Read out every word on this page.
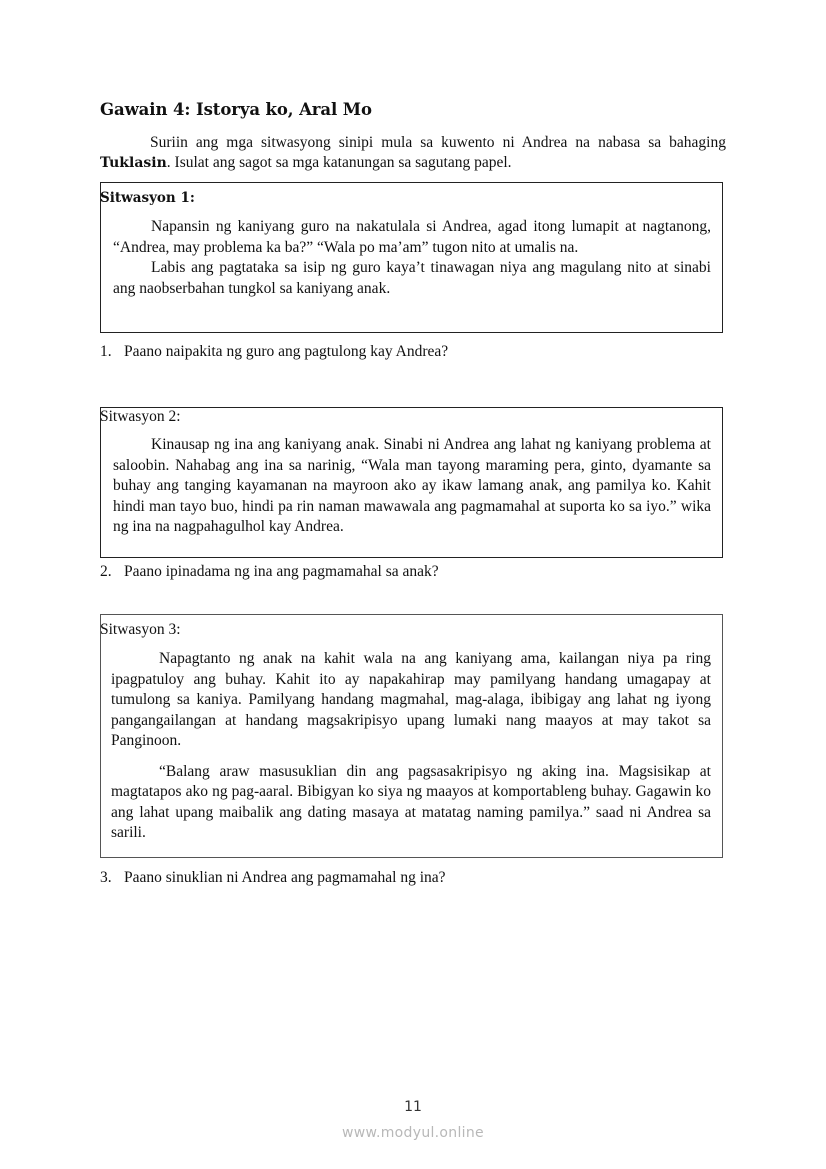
Gawain 4: Istorya ko, Aral Mo

Suriin ang mga sitwasyong sinipi mula sa kuwento ni Andrea na nabasa sa bahaging Tuklasin. Isulat ang sagot sa mga katanungan sa sagutang papel.

Sitwasyon 1:

Napansin ng kaniyang guro na nakatulala si Andrea, agad itong lumapit at nagtanong, “Andrea, may problema ka ba?” “Wala po ma’am” tugon nito at umalis na.

Labis ang pagtataka sa isip ng guro kaya’t tinawagan niya ang magulang nito at sinabi ang naobserbahan tungkol sa kaniyang anak.

1. Paano naipakita ng guro ang pagtulong kay Andrea?
Sitwasyon 2:

Kinausap ng ina ang kaniyang anak. Sinabi ni Andrea ang lahat ng kaniyang problema at saloobin. Nahabag ang ina sa narinig, “Wala man tayong maraming pera, ginto, dyamante sa buhay ang tanging kayamanan na mayroon ako ay ikaw lamang anak, ang pamilya ko. Kahit hindi man tayo buo, hindi pa rin naman mawawala ang pagmamahal at suporta ko sa iyo.” wika ng ina na nagpahagulhol kay Andrea.

2. Paano ipinadama ng ina ang pagmamahal sa anak?
Sitwasyon 3:

Napagtanto ng anak na kahit wala na ang kaniyang ama, kailangan niya pa ring ipagpatuloy ang buhay. Kahit ito ay napakahirap may pamilyang handang umagapay at tumulong sa kaniya. Pamilyang handang magmahal, mag-alaga, ibibigay ang lahat ng iyong pangangailangan at handang magsakripisyo upang lumaki nang maayos at may takot sa Panginoon.

“Balang araw masusuklian din ang pagsasakripisyo ng aking ina. Magsisikap at magtatapos ako ng pag-aaral. Bibigyan ko siya ng maayos at komportableng buhay. Gagawin ko ang lahat upang maibalik ang dating masaya at matatag naming pamilya.” saad ni Andrea sa sarili.

3. Paano sinuklian ni Andrea ang pagmamahal ng ina?
11
www.modyul.online
